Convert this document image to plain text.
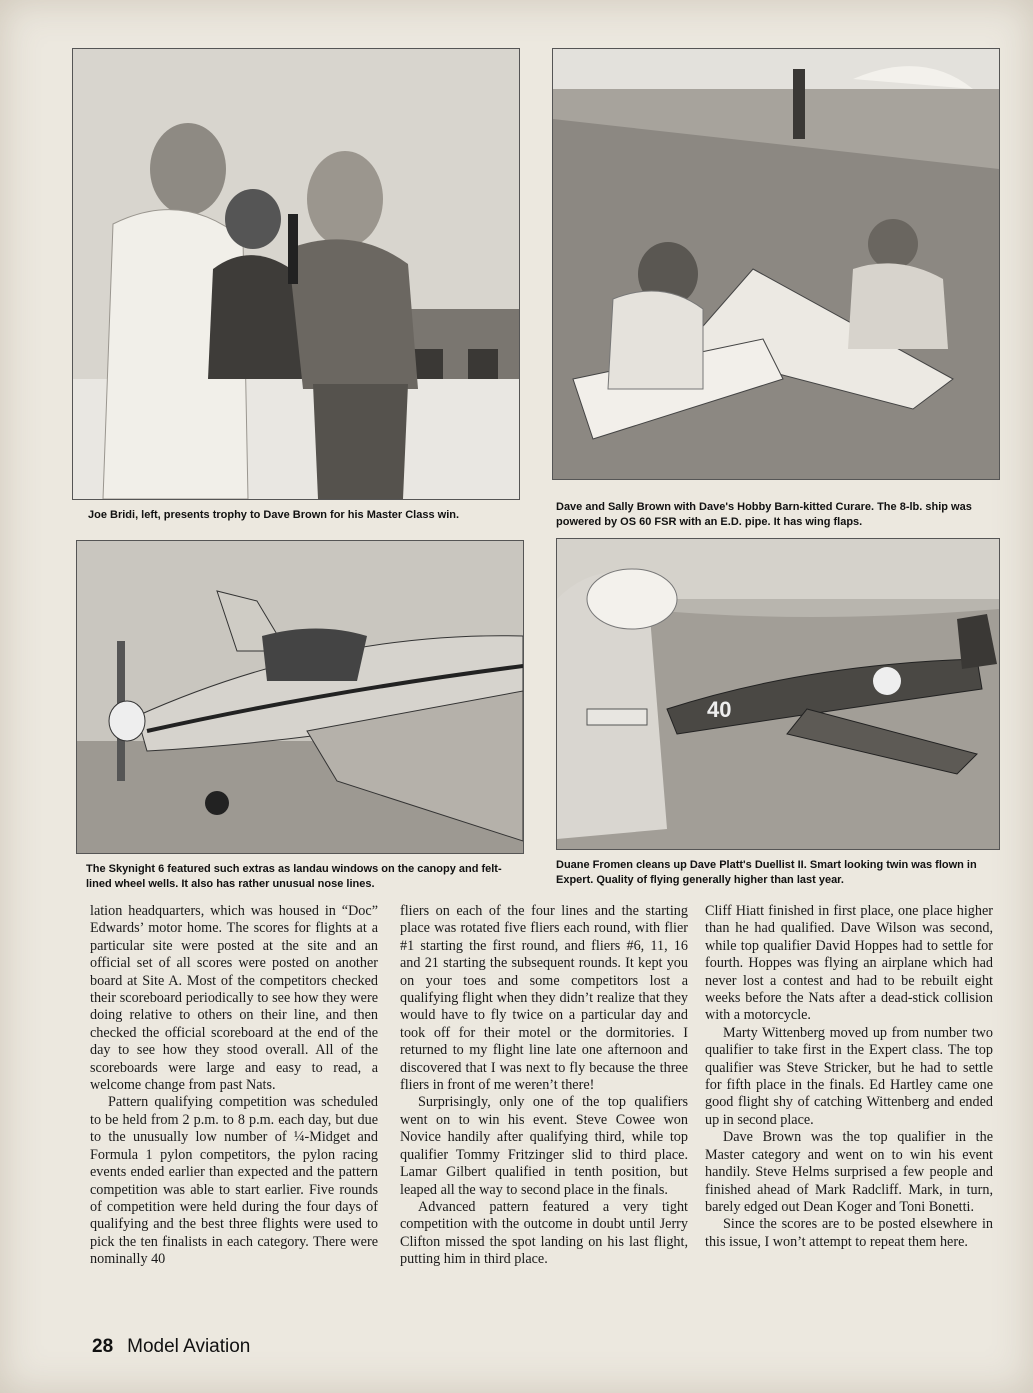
Joe Bridi, left, presents trophy to Dave Brown for his Master Class win.

Dave and Sally Brown with Dave's Hobby Barn-kitted Curare. The 8-lb. ship was powered by OS 60 FSR with an E.D. pipe. It has wing flaps.

The Skynight 6 featured such extras as landau windows on the canopy and felt-lined wheel wells. It also has rather unusual nose lines.

40

Duane Fromen cleans up Dave Platt's Duellist II. Smart looking twin was flown in Expert. Quality of flying generally higher than last year.

lation headquarters, which was housed in “Doc” Edwards’ motor home. The scores for flights at a particular site were posted at the site and an official set of all scores were posted on another board at Site A. Most of the competitors checked their scoreboard periodically to see how they were doing relative to others on their line, and then checked the official scoreboard at the end of the day to see how they stood overall. All of the scoreboards were large and easy to read, a welcome change from past Nats.

Pattern qualifying competition was scheduled to be held from 2 p.m. to 8 p.m. each day, but due to the unusually low number of ¼-Midget and Formula 1 pylon competitors, the pylon racing events ended earlier than expected and the pattern competition was able to start earlier. Five rounds of competition were held during the four days of qualifying and the best three flights were used to pick the ten finalists in each category. There were nominally 40

fliers on each of the four lines and the starting place was rotated five fliers each round, with flier #1 starting the first round, and fliers #6, 11, 16 and 21 starting the subsequent rounds. It kept you on your toes and some competitors lost a qualifying flight when they didn’t realize that they would have to fly twice on a particular day and took off for their motel or the dormitories. I returned to my flight line late one afternoon and discovered that I was next to fly because the three fliers in front of me weren’t there!

Surprisingly, only one of the top qualifiers went on to win his event. Steve Cowee won Novice handily after qualifying third, while top qualifier Tommy Fritzinger slid to third place. Lamar Gilbert qualified in tenth position, but leaped all the way to second place in the finals.

Advanced pattern featured a very tight competition with the outcome in doubt until Jerry Clifton missed the spot landing on his last flight, putting him in third place.

Cliff Hiatt finished in first place, one place higher than he had qualified. Dave Wilson was second, while top qualifier David Hoppes had to settle for fourth. Hoppes was flying an airplane which had never lost a contest and had to be rebuilt eight weeks before the Nats after a dead-stick collision with a motorcycle.

Marty Wittenberg moved up from number two qualifier to take first in the Expert class. The top qualifier was Steve Stricker, but he had to settle for fifth place in the finals. Ed Hartley came one good flight shy of catching Wittenberg and ended up in second place.

Dave Brown was the top qualifier in the Master category and went on to win his event handily. Steve Helms surprised a few people and finished ahead of Mark Radcliff. Mark, in turn, barely edged out Dean Koger and Toni Bonetti.

Since the scores are to be posted elsewhere in this issue, I won’t attempt to repeat them here.

28 Model Aviation
